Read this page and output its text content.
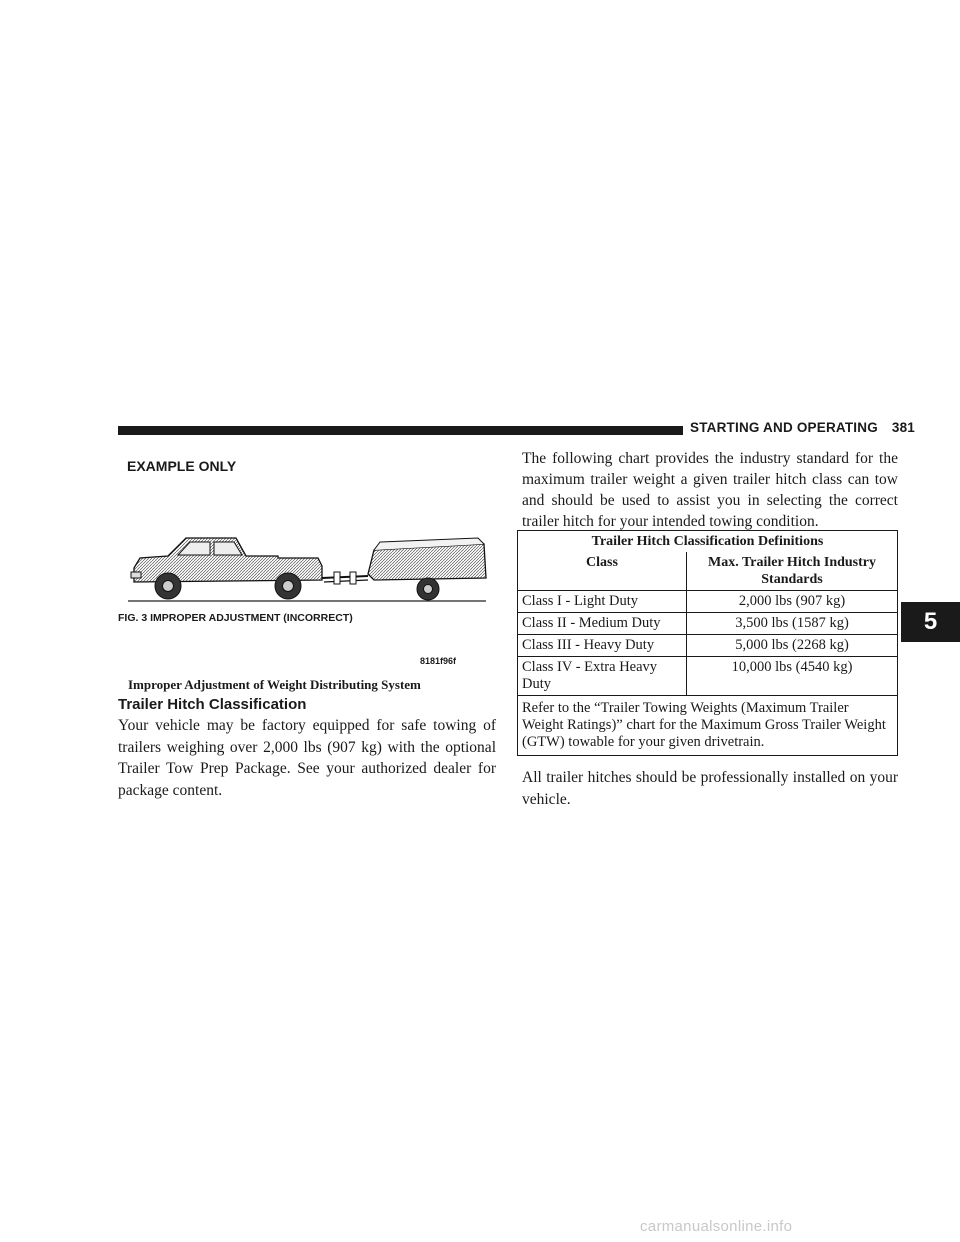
STARTING AND OPERATING 381
EXAMPLE ONLY
FIG. 3 IMPROPER ADJUSTMENT (INCORRECT)
8181f96f
Improper Adjustment of Weight Distributing System
Trailer Hitch Classification
Your vehicle may be factory equipped for safe towing of trailers weighing over 2,000 lbs (907 kg) with the optional Trailer Tow Prep Package. See your authorized dealer for package content.
The following chart provides the industry standard for the maximum trailer weight a given trailer hitch class can tow and should be used to assist you in selecting the correct trailer hitch for your intended towing condition.
Trailer Hitch Classification Definitions	
Class	Max. Trailer Hitch Industry Standards
Class I - Light Duty	2,000 lbs (907 kg)
Class II - Medium Duty	3,500 lbs (1587 kg)
Class III - Heavy Duty	5,000 lbs (2268 kg)
Class IV - Extra Heavy Duty	10,000 lbs (4540 kg)
Refer to the “Trailer Towing Weights (Maximum Trailer Weight Ratings)” chart for the Maximum Gross Trailer Weight (GTW) towable for your given drivetrain.	
All trailer hitches should be professionally installed on your vehicle.
5
carmanualsonline.info
